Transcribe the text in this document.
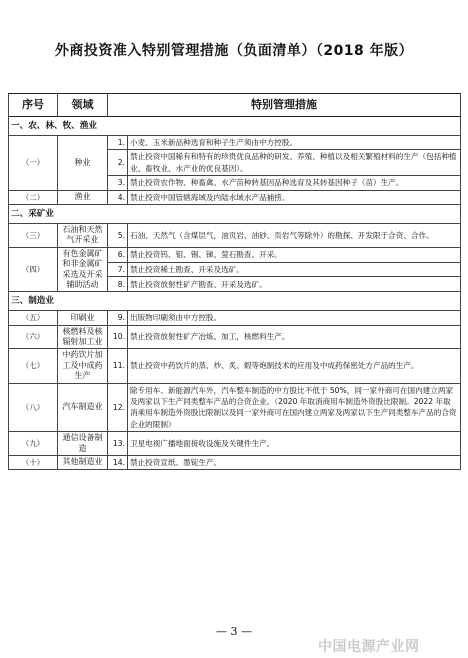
外商投资准入特别管理措施（负面清单）（2018 年版）
序号	领域	特别管理措施	
一、农、林、牧、渔业			
（一）	种业	1.	小麦、玉米新品种选育和种子生产须由中方控股。
		2.	禁止投资中国稀有和特有的珍贵优良品种的研发、养殖、种植以及相关繁殖材料的生产（包括种植业、畜牧业、水产业的优良基因）。
		3.	禁止投资农作物、种畜禽、水产苗种转基因品种选育及其转基因种子（苗）生产。
（二）	渔业	4.	禁止投资中国管辖海域及内陆水域水产品捕捞。
二、采矿业			
（三）	石油和天然气开采业	5.	石油、天然气（含煤层气，油页岩、油砂、页岩气等除外）的勘探、开发限于合资、合作。
（四）	有色金属矿和非金属矿采选及开采辅助活动	6.	禁止投资钨、钼、锡、锑、萤石勘查、开采。
		7.	禁止投资稀土勘查、开采及选矿。
		8.	禁止投资放射性矿产勘查、开采及选矿。
三、制造业			
（五）	印刷业	9.	出版物印刷须由中方控股。
（六）	核燃料及核辐射加工业	10.	禁止投资放射性矿产冶炼、加工，核燃料生产。
（七）	中药饮片加工及中成药生产	11.	禁止投资中药饮片的蒸、炒、炙、煅等炮制技术的应用及中成药保密处方产品的生产。
（八）	汽车制造业	12.	除专用车、新能源汽车外，汽车整车制造的中方股比不低于 50%，同一家外商可在国内建立两家及两家以下生产同类整车产品的合资企业。（2020 年取消商用车制造外资股比限制。2022 年取消乘用车制造外资股比限制以及同一家外商可在国内建立两家及两家以下生产同类整车产品的合资企业的限制）
（九）	通信设备制造	13.	卫星电视广播地面接收设施及关键件生产。
（十）	其他制造业	14.	禁止投资宣纸、墨锭生产。
— 3 —
中国电源产业网
